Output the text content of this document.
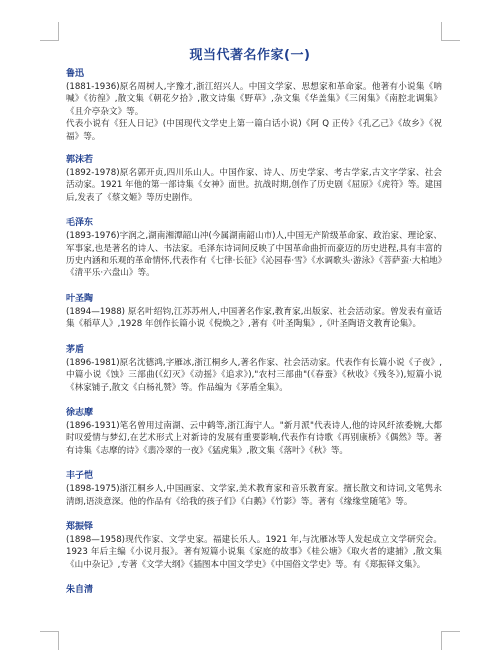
现当代著名作家(一)
鲁迅

(1881-1936)原名周树人,字豫才,浙江绍兴人。中国文学家、思想家和革命家。他著有小说集《呐喊》《彷徨》,散文集《朝花夕拾》,散文诗集《野草》,杂文集《华盖集》《三闲集》《南腔北调集》《且介亭杂文》等。

代表小说有《狂人日记》(中国现代文学史上第一篇白话小说)《阿 Q 正传》《孔乙己》《故乡》《祝福》等。

郭沫若

(1892-1978)原名郭开贞,四川乐山人。中国作家、诗人、历史学家、考古学家,古文字学家、社会活动家。1921 年他的第一部诗集《女神》面世。抗战时期,创作了历史剧《屈原》《虎符》等。建国后,发表了《蔡文姬》等历史剧作。

毛泽东

(1893-1976)字润之,湖南湘潭韶山冲(今属湖南韶山市)人,中国无产阶级革命家、政治家、理论家、军事家,也是著名的诗人、书法家。毛泽东诗词间反映了中国革命曲折而豪迈的历史进程,具有丰富的历史内涵和乐观的革命情怀,代表作有《七律·长征》《沁园春·雪》《水调歌头·游泳》《菩萨蛮·大柏地》《清平乐·六盘山》等。

叶圣陶

(1894—1988) 原名叶绍钧,江苏苏州人,中国著名作家,教育家,出版家、社会活动家。曾发表有童话集《稻草人》,1928 年创作长篇小说《倪焕之》,著有《叶圣陶集》,《叶圣陶语文教育论集》。

茅盾

(1896-1981)原名沈德鸿,字雁冰,浙江桐乡人,著名作家、社会活动家。代表作有长篇小说《子夜》,中篇小说《蚀》三部曲(《幻灭》《动摇》《追求》),"农村三部曲"(《春蚕》《秋收》《残冬》),短篇小说《林家铺子,散文《白杨礼赞》等。作品编为《茅盾全集》。

徐志摩

(1896-1931)笔名曾用过南湖、云中鹤等,浙江海宁人。"新月派"代表诗人,他的诗风纤浓委婉,大都时叹爱情与梦幻,在艺术形式上对新诗的发展有重要影响,代表作有诗歌《再别康桥》《偶然》等。著有诗集《志摩的诗》《翡冷翠的一夜》《猛虎集》,散文集《落叶》《秋》等。

丰子恺

(1898-1975)浙江桐乡人,中国画家、文学家,美术教育家和音乐教育家。擅长散文和诗词,文笔隽永清朗,语淡意深。他的作品有《给我的孩子们》《白鹅》《竹影》等。著有《缘缘堂随笔》等。

郑振铎

(1898—1958)现代作家、文学史家。福建长乐人。1921 年,与沈雁冰等人发起成立文学研究会。1923 年后主编《小说月报》。著有短篇小说集《家庭的故事》《桂公塘》《取火者的逮捕》,散文集《山中杂记》,专著《文学大纲》《插图本中国文学史》《中国俗文学史》等。有《郑振铎文集》。

朱自清
